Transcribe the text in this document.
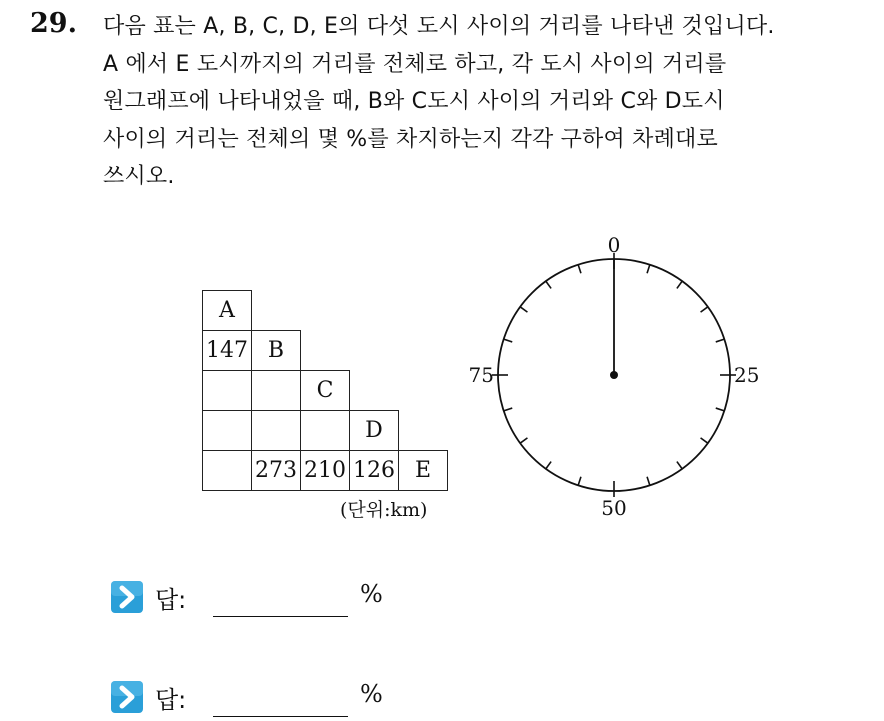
29. 다음 표는 A, B, C, D, E의 다섯 도시 사이의 거리를 나타낸 것입니다.
A 에서 E 도시까지의 거리를 전체로 하고, 각 도시 사이의 거리를
원그래프에 나타내었을 때, B와 C도시 사이의 거리와 C와 D도시
사이의 거리는 전체의 몇 %를 차지하는지 각각 구하여 차례대로
쓰시오.
A				
147	B			
		C		
			D	
	273	210	126	E
(단위:km)
0
25
50
75
답:	%
답:	%
